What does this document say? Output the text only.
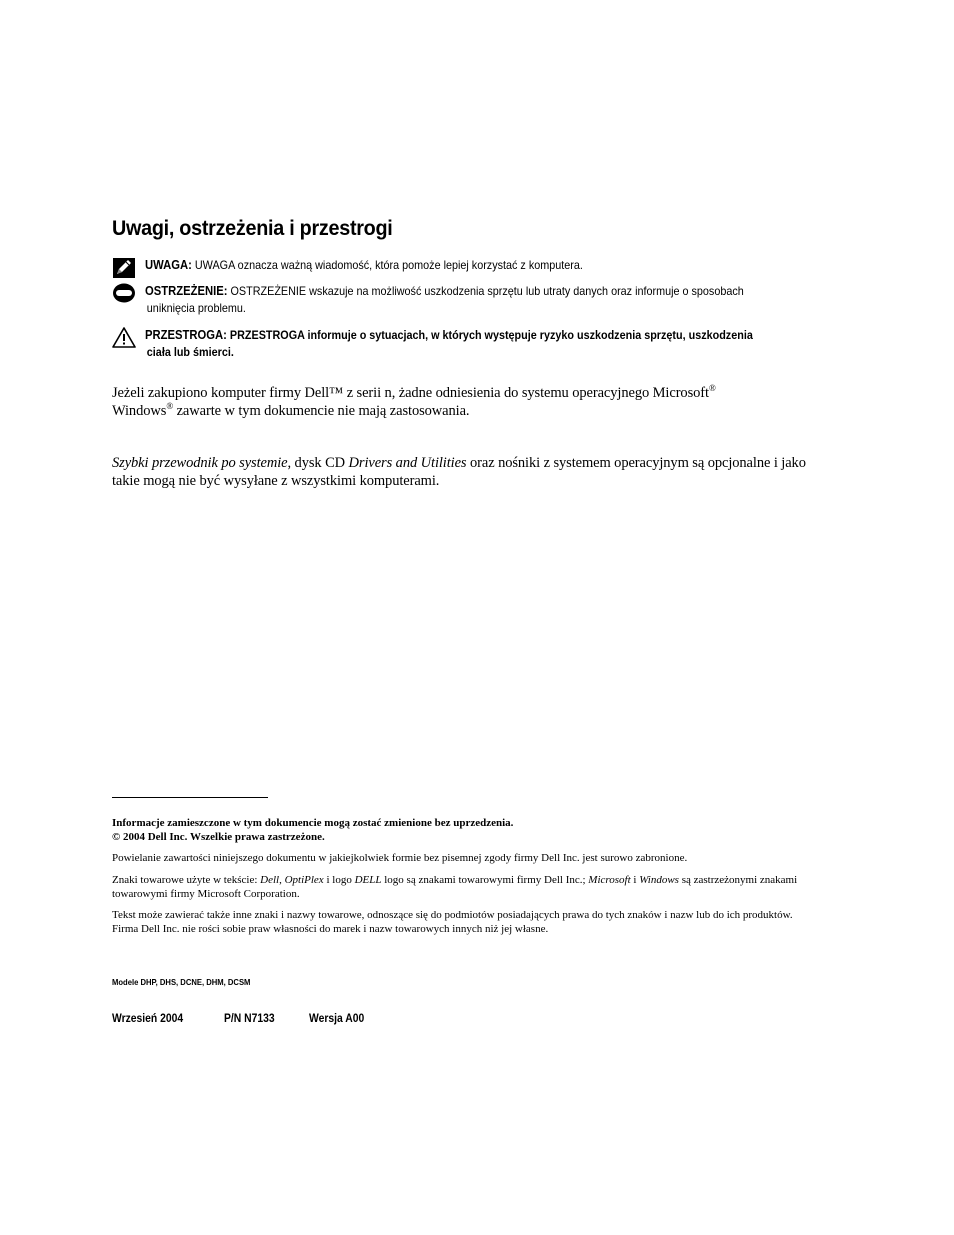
Uwagi, ostrzeżenia i przestrogi
UWAGA: UWAGA oznacza ważną wiadomość, która pomoże lepiej korzystać z komputera.
OSTRZEŻENIE: OSTRZEŻENIE wskazuje na możliwość uszkodzenia sprzętu lub utraty danych oraz informuje o sposobach
uniknięcia problemu.
PRZESTROGA: PRZESTROGA informuje o sytuacjach, w których występuje ryzyko uszkodzenia sprzętu, uszkodzenia
ciała lub śmierci.

Jeżeli zakupiono komputer firmy Dell™ z serii n, żadne odniesienia do systemu operacyjnego Microsoft®
Windows® zawarte w tym dokumencie nie mają zastosowania.

Szybki przewodnik po systemie, dysk CD Drivers and Utilities oraz nośniki z systemem operacyjnym są opcjonalne i jako takie mogą nie być wysyłane z wszystkimi komputerami.

Informacje zamieszczone w tym dokumencie mogą zostać zmienione bez uprzedzenia.
© 2004 Dell Inc. Wszelkie prawa zastrzeżone.

Powielanie zawartości niniejszego dokumentu w jakiejkolwiek formie bez pisemnej zgody firmy Dell Inc. jest surowo zabronione.

Znaki towarowe użyte w tekście: Dell, OptiPlex i logo DELL logo są znakami towarowymi firmy Dell Inc.; Microsoft i Windows są zastrzeżonymi znakami towarowymi firmy Microsoft Corporation.

Tekst może zawierać także inne znaki i nazwy towarowe, odnoszące się do podmiotów posiadających prawa do tych znaków i nazw lub do ich produktów. Firma Dell Inc. nie rości sobie praw własności do marek i nazw towarowych innych niż jej własne.

Modele DHP, DHS, DCNE, DHM, DCSM
Wrzesień 2004	P/N N7133	Wersja A00
